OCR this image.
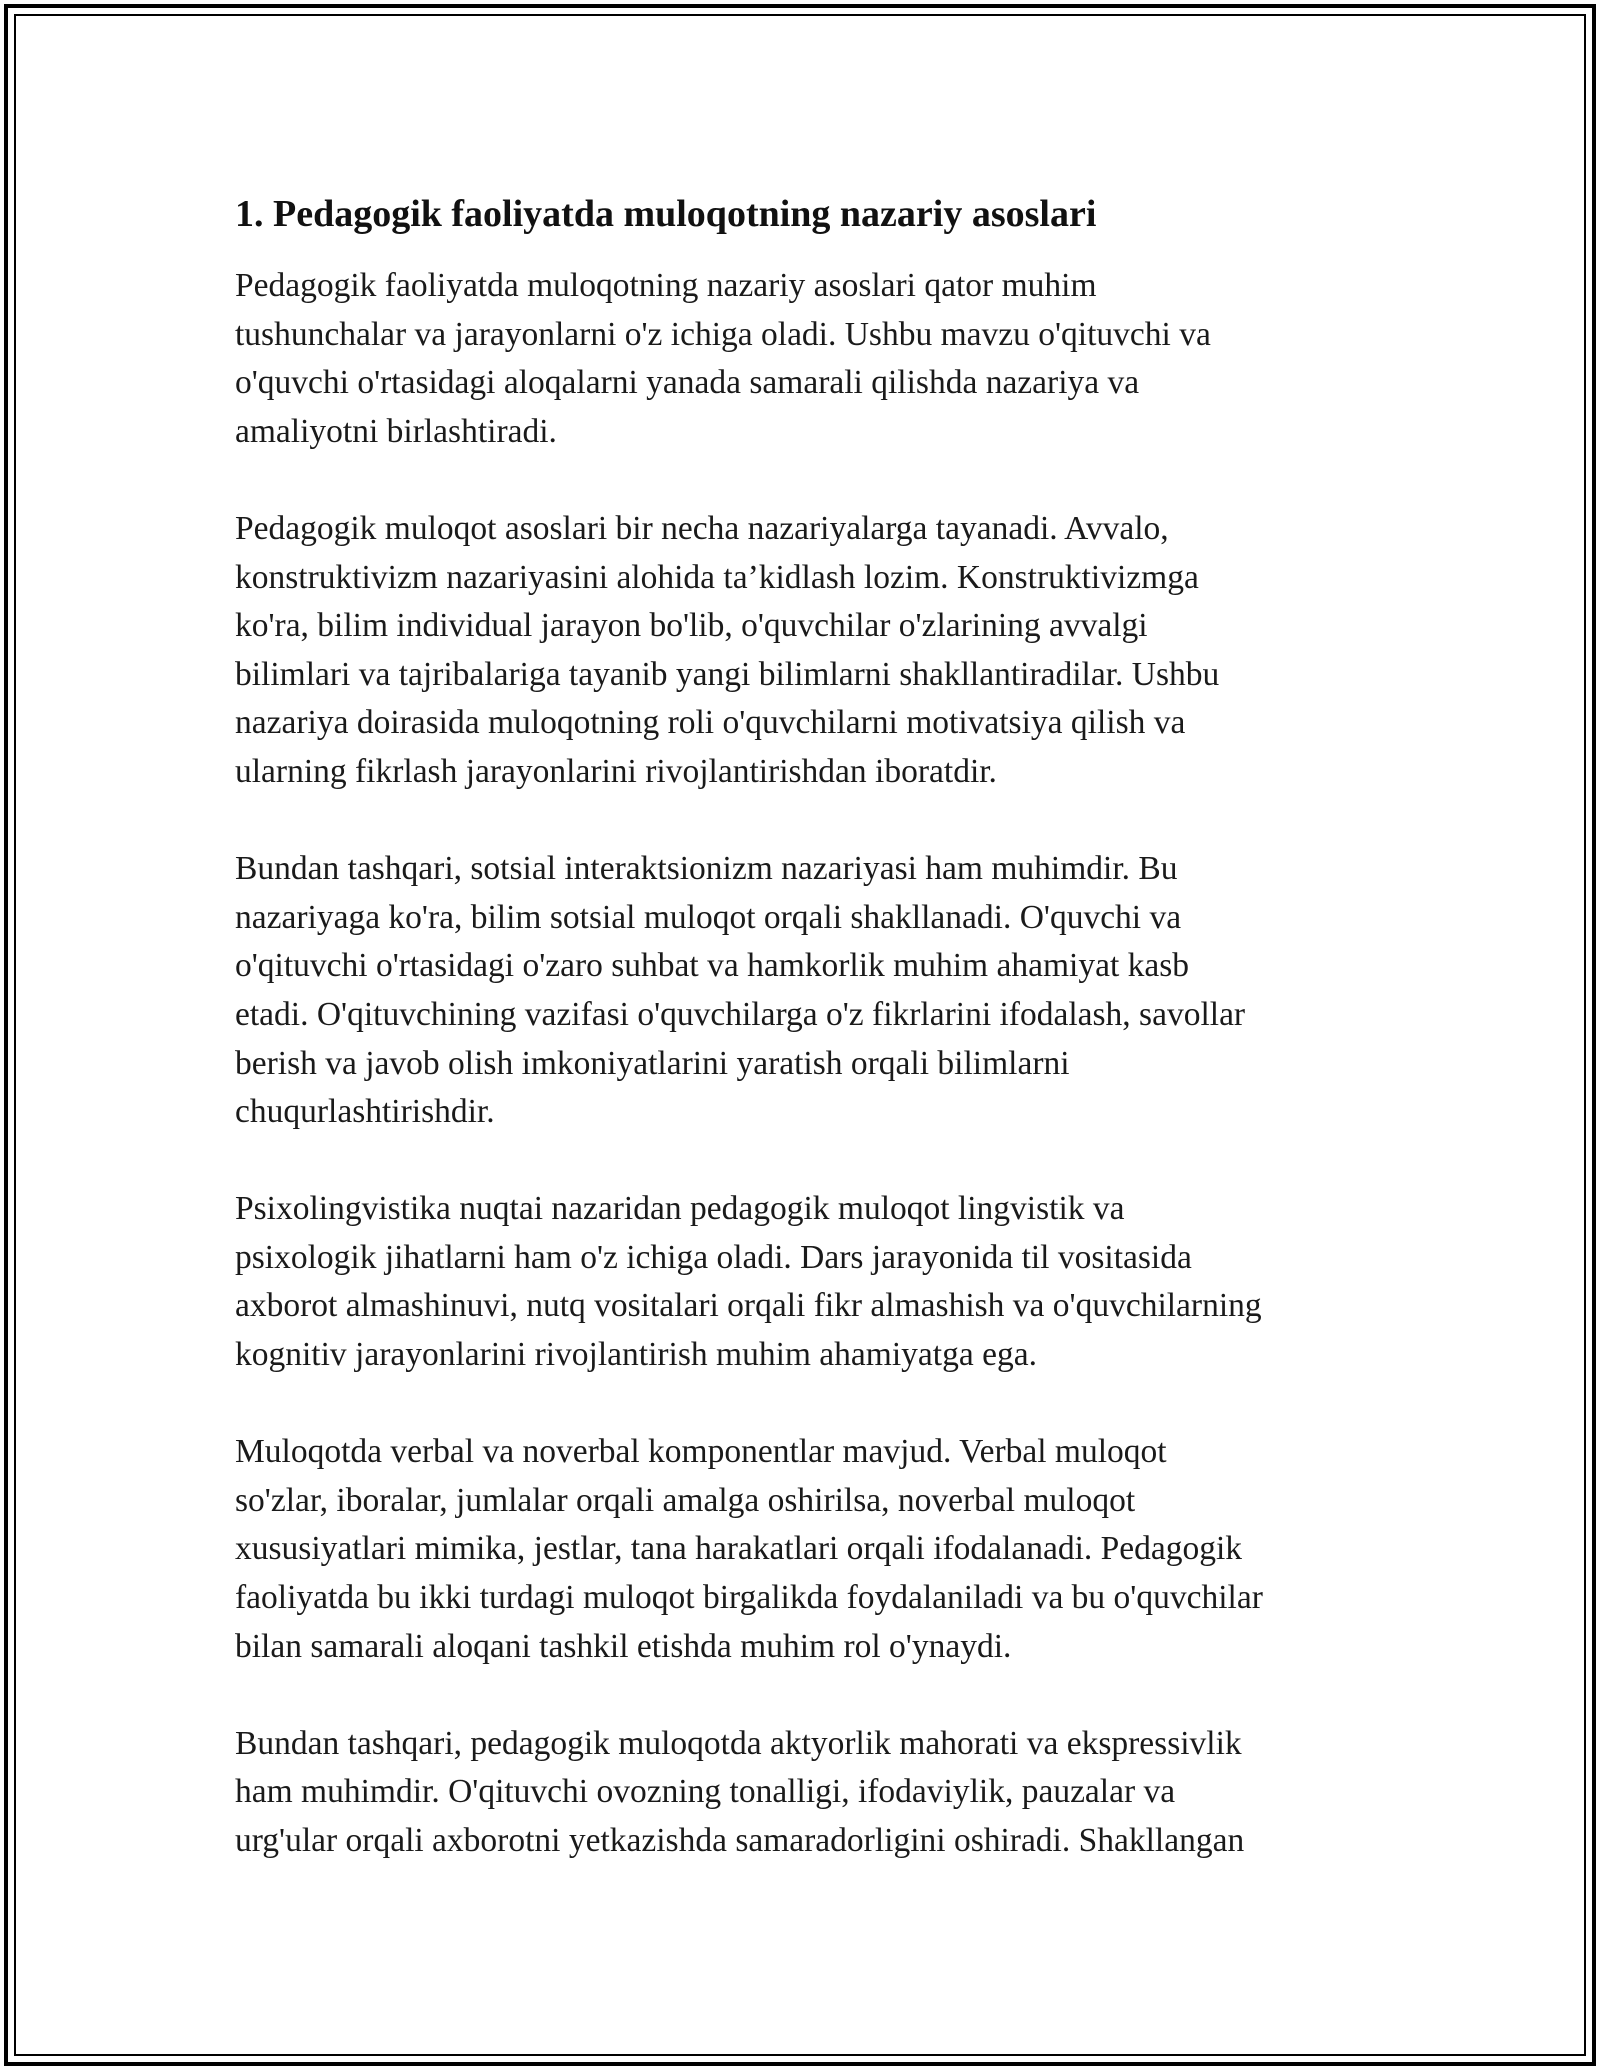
1. Pedagogik faoliyatda muloqotning nazariy asoslari

Pedagogik faoliyatda muloqotning nazariy asoslari qator muhim
tushunchalar va jarayonlarni o'z ichiga oladi. Ushbu mavzu o'qituvchi va
o'quvchi o'rtasidagi aloqalarni yanada samarali qilishda nazariya va
amaliyotni birlashtiradi.

Pedagogik muloqot asoslari bir necha nazariyalarga tayanadi. Avvalo,
konstruktivizm nazariyasini alohida ta’kidlash lozim. Konstruktivizmga
ko'ra, bilim individual jarayon bo'lib, o'quvchilar o'zlarining avvalgi
bilimlari va tajribalariga tayanib yangi bilimlarni shakllantiradilar. Ushbu
nazariya doirasida muloqotning roli o'quvchilarni motivatsiya qilish va
ularning fikrlash jarayonlarini rivojlantirishdan iboratdir.

Bundan tashqari, sotsial interaktsionizm nazariyasi ham muhimdir. Bu
nazariyaga ko'ra, bilim sotsial muloqot orqali shakllanadi. O'quvchi va
o'qituvchi o'rtasidagi o'zaro suhbat va hamkorlik muhim ahamiyat kasb
etadi. O'qituvchining vazifasi o'quvchilarga o'z fikrlarini ifodalash, savollar
berish va javob olish imkoniyatlarini yaratish orqali bilimlarni
chuqurlashtirishdir.

Psixolingvistika nuqtai nazaridan pedagogik muloqot lingvistik va
psixologik jihatlarni ham o'z ichiga oladi. Dars jarayonida til vositasida
axborot almashinuvi, nutq vositalari orqali fikr almashish va o'quvchilarning
kognitiv jarayonlarini rivojlantirish muhim ahamiyatga ega.

Muloqotda verbal va noverbal komponentlar mavjud. Verbal muloqot
so'zlar, iboralar, jumlalar orqali amalga oshirilsa, noverbal muloqot
xususiyatlari mimika, jestlar, tana harakatlari orqali ifodalanadi. Pedagogik
faoliyatda bu ikki turdagi muloqot birgalikda foydalaniladi va bu o'quvchilar
bilan samarali aloqani tashkil etishda muhim rol o'ynaydi.

Bundan tashqari, pedagogik muloqotda aktyorlik mahorati va ekspressivlik
ham muhimdir. O'qituvchi ovozning tonalligi, ifodaviylik, pauzalar va
urg'ular orqali axborotni yetkazishda samaradorligini oshiradi. Shakllangan
